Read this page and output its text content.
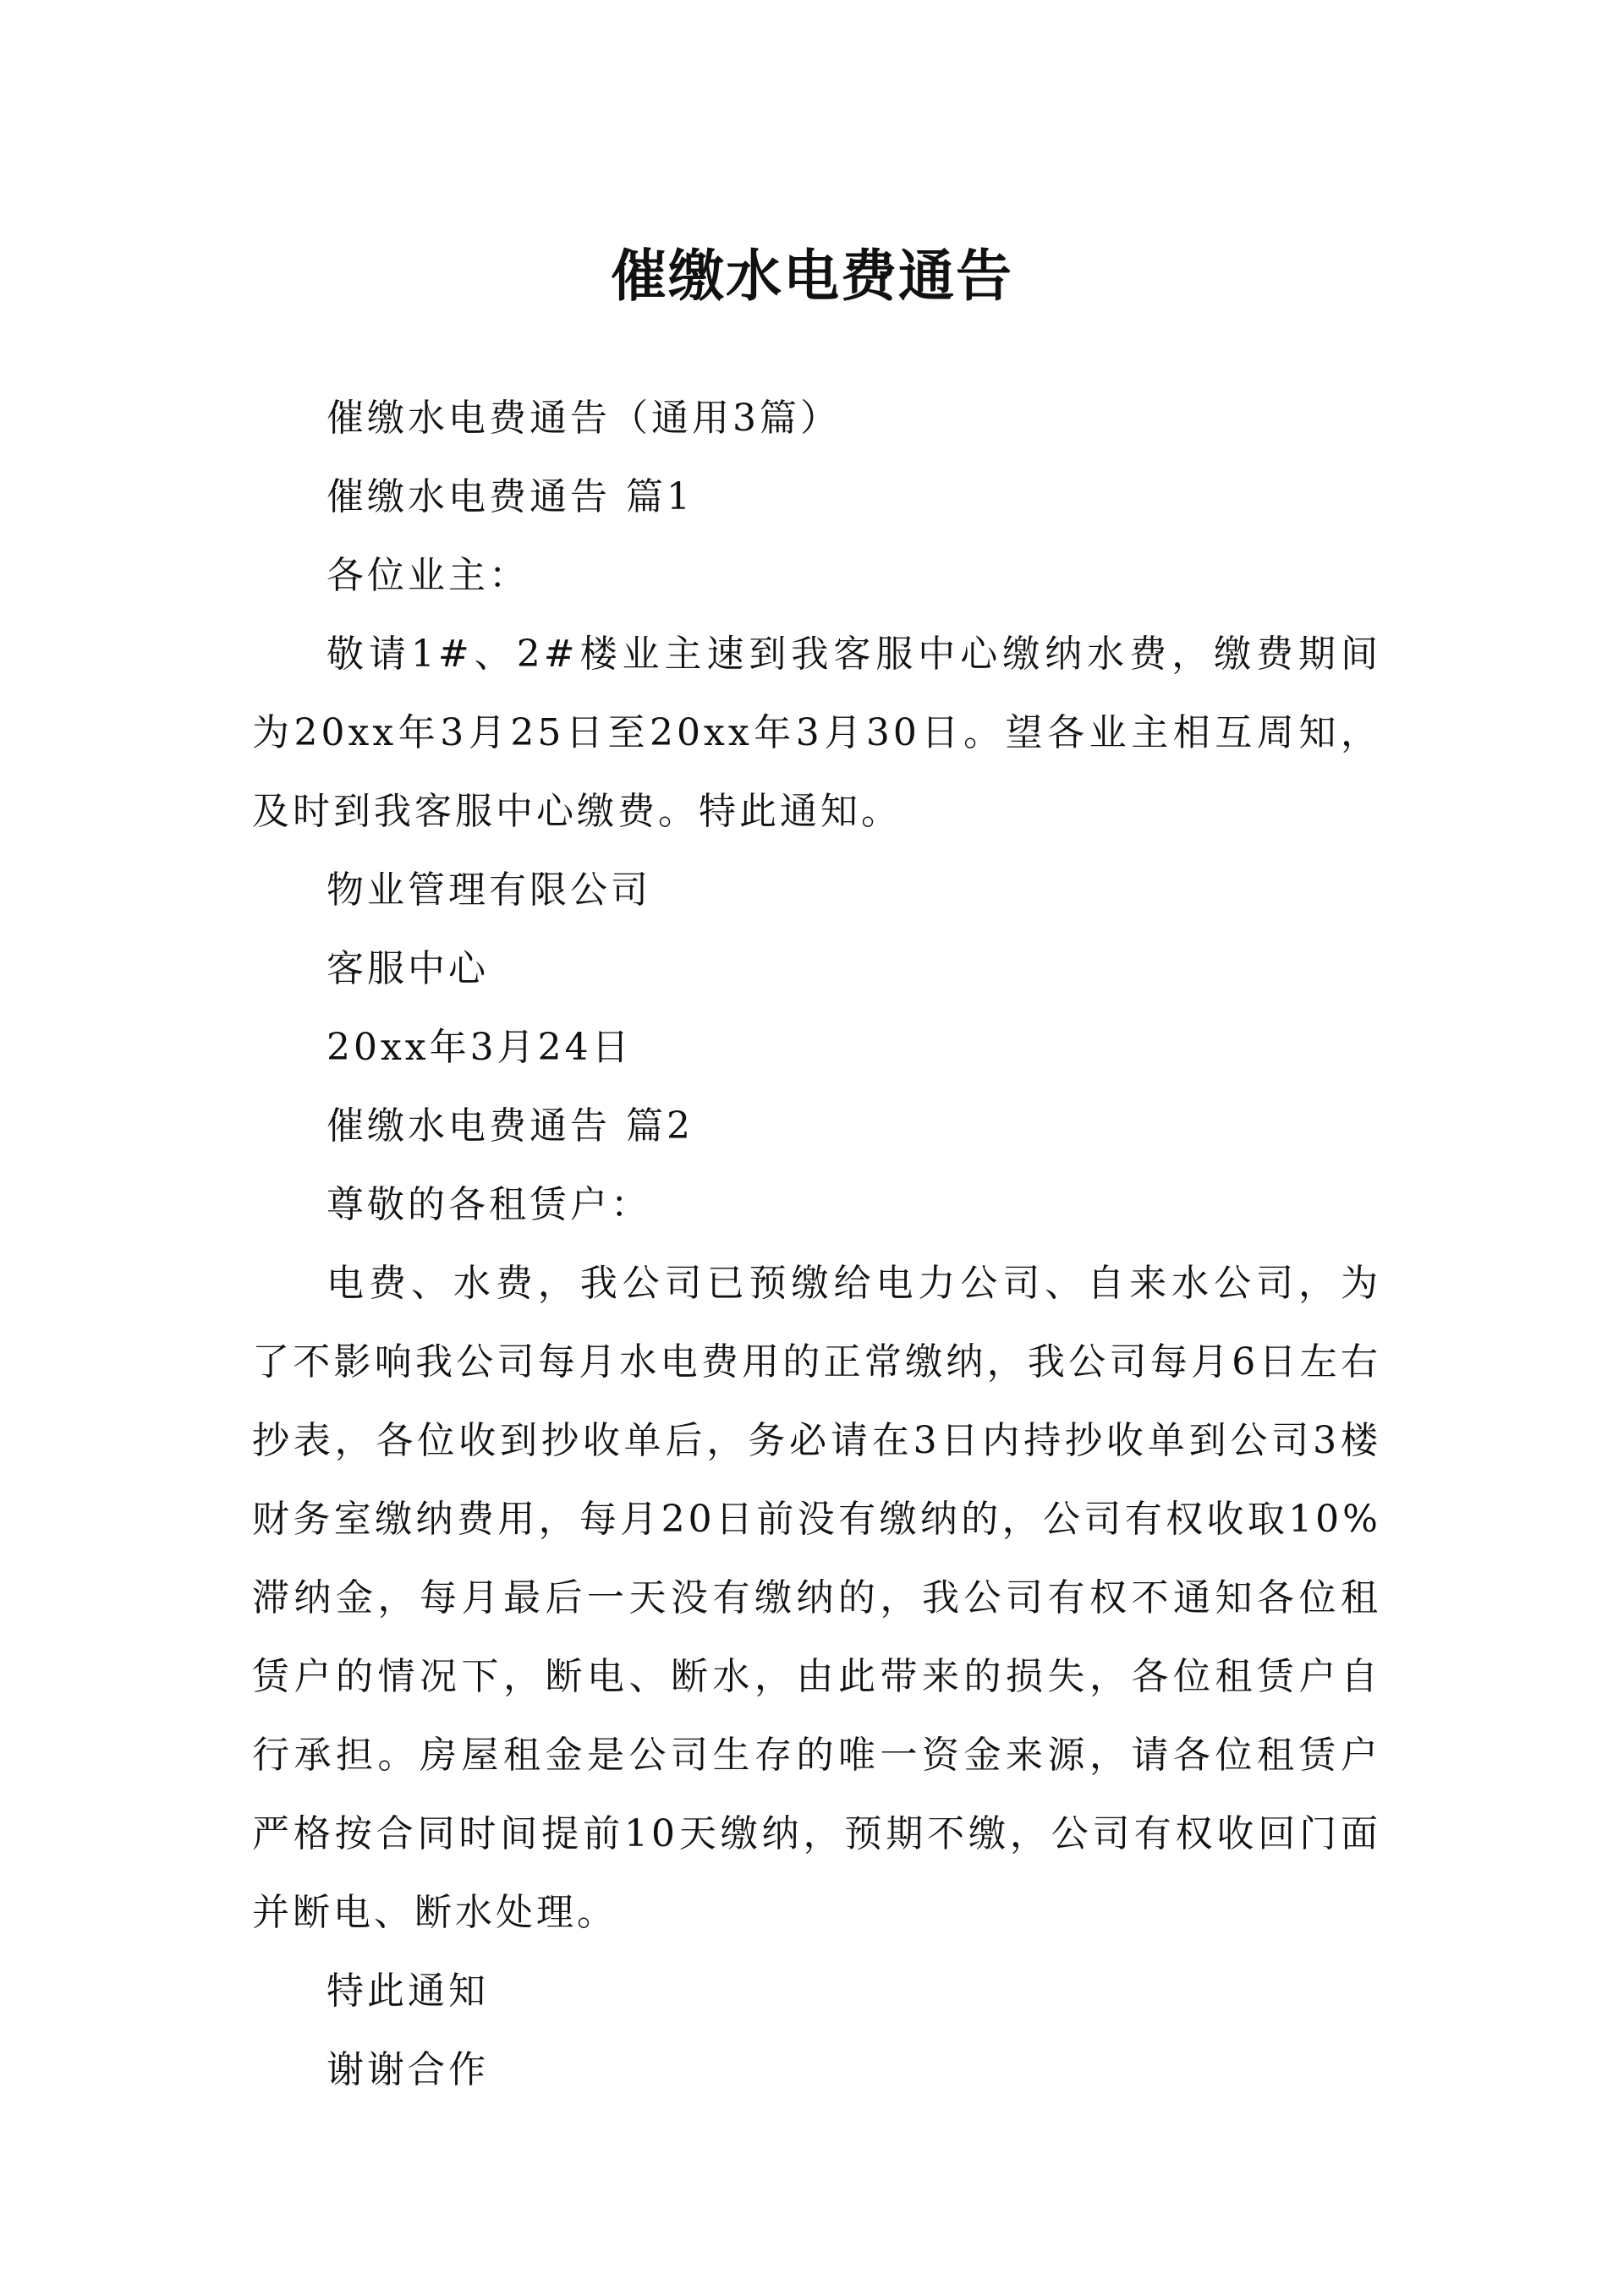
催缴水电费通告

催缴水电费通告（通用3篇）

催缴水电费通告 篇1

各位业主：

敬请1#、2#楼业主速到我客服中心缴纳水费，缴费期间为20xx年3月25日至20xx年3月30日。望各业主相互周知，及时到我客服中心缴费。特此通知。

物业管理有限公司

客服中心

20xx年3月24日

催缴水电费通告 篇2

尊敬的各租赁户：

电费、水费，我公司已预缴给电力公司、自来水公司，为了不影响我公司每月水电费用的正常缴纳，我公司每月6日左右抄表，各位收到抄收单后，务必请在3日内持抄收单到公司3楼财务室缴纳费用，每月20日前没有缴纳的，公司有权收取10%滞纳金，每月最后一天没有缴纳的，我公司有权不通知各位租赁户的情况下，断电、断水，由此带来的损失，各位租赁户自行承担。房屋租金是公司生存的唯一资金来源，请各位租赁户严格按合同时间提前10天缴纳，预期不缴，公司有权收回门面并断电、断水处理。

特此通知

谢谢合作
